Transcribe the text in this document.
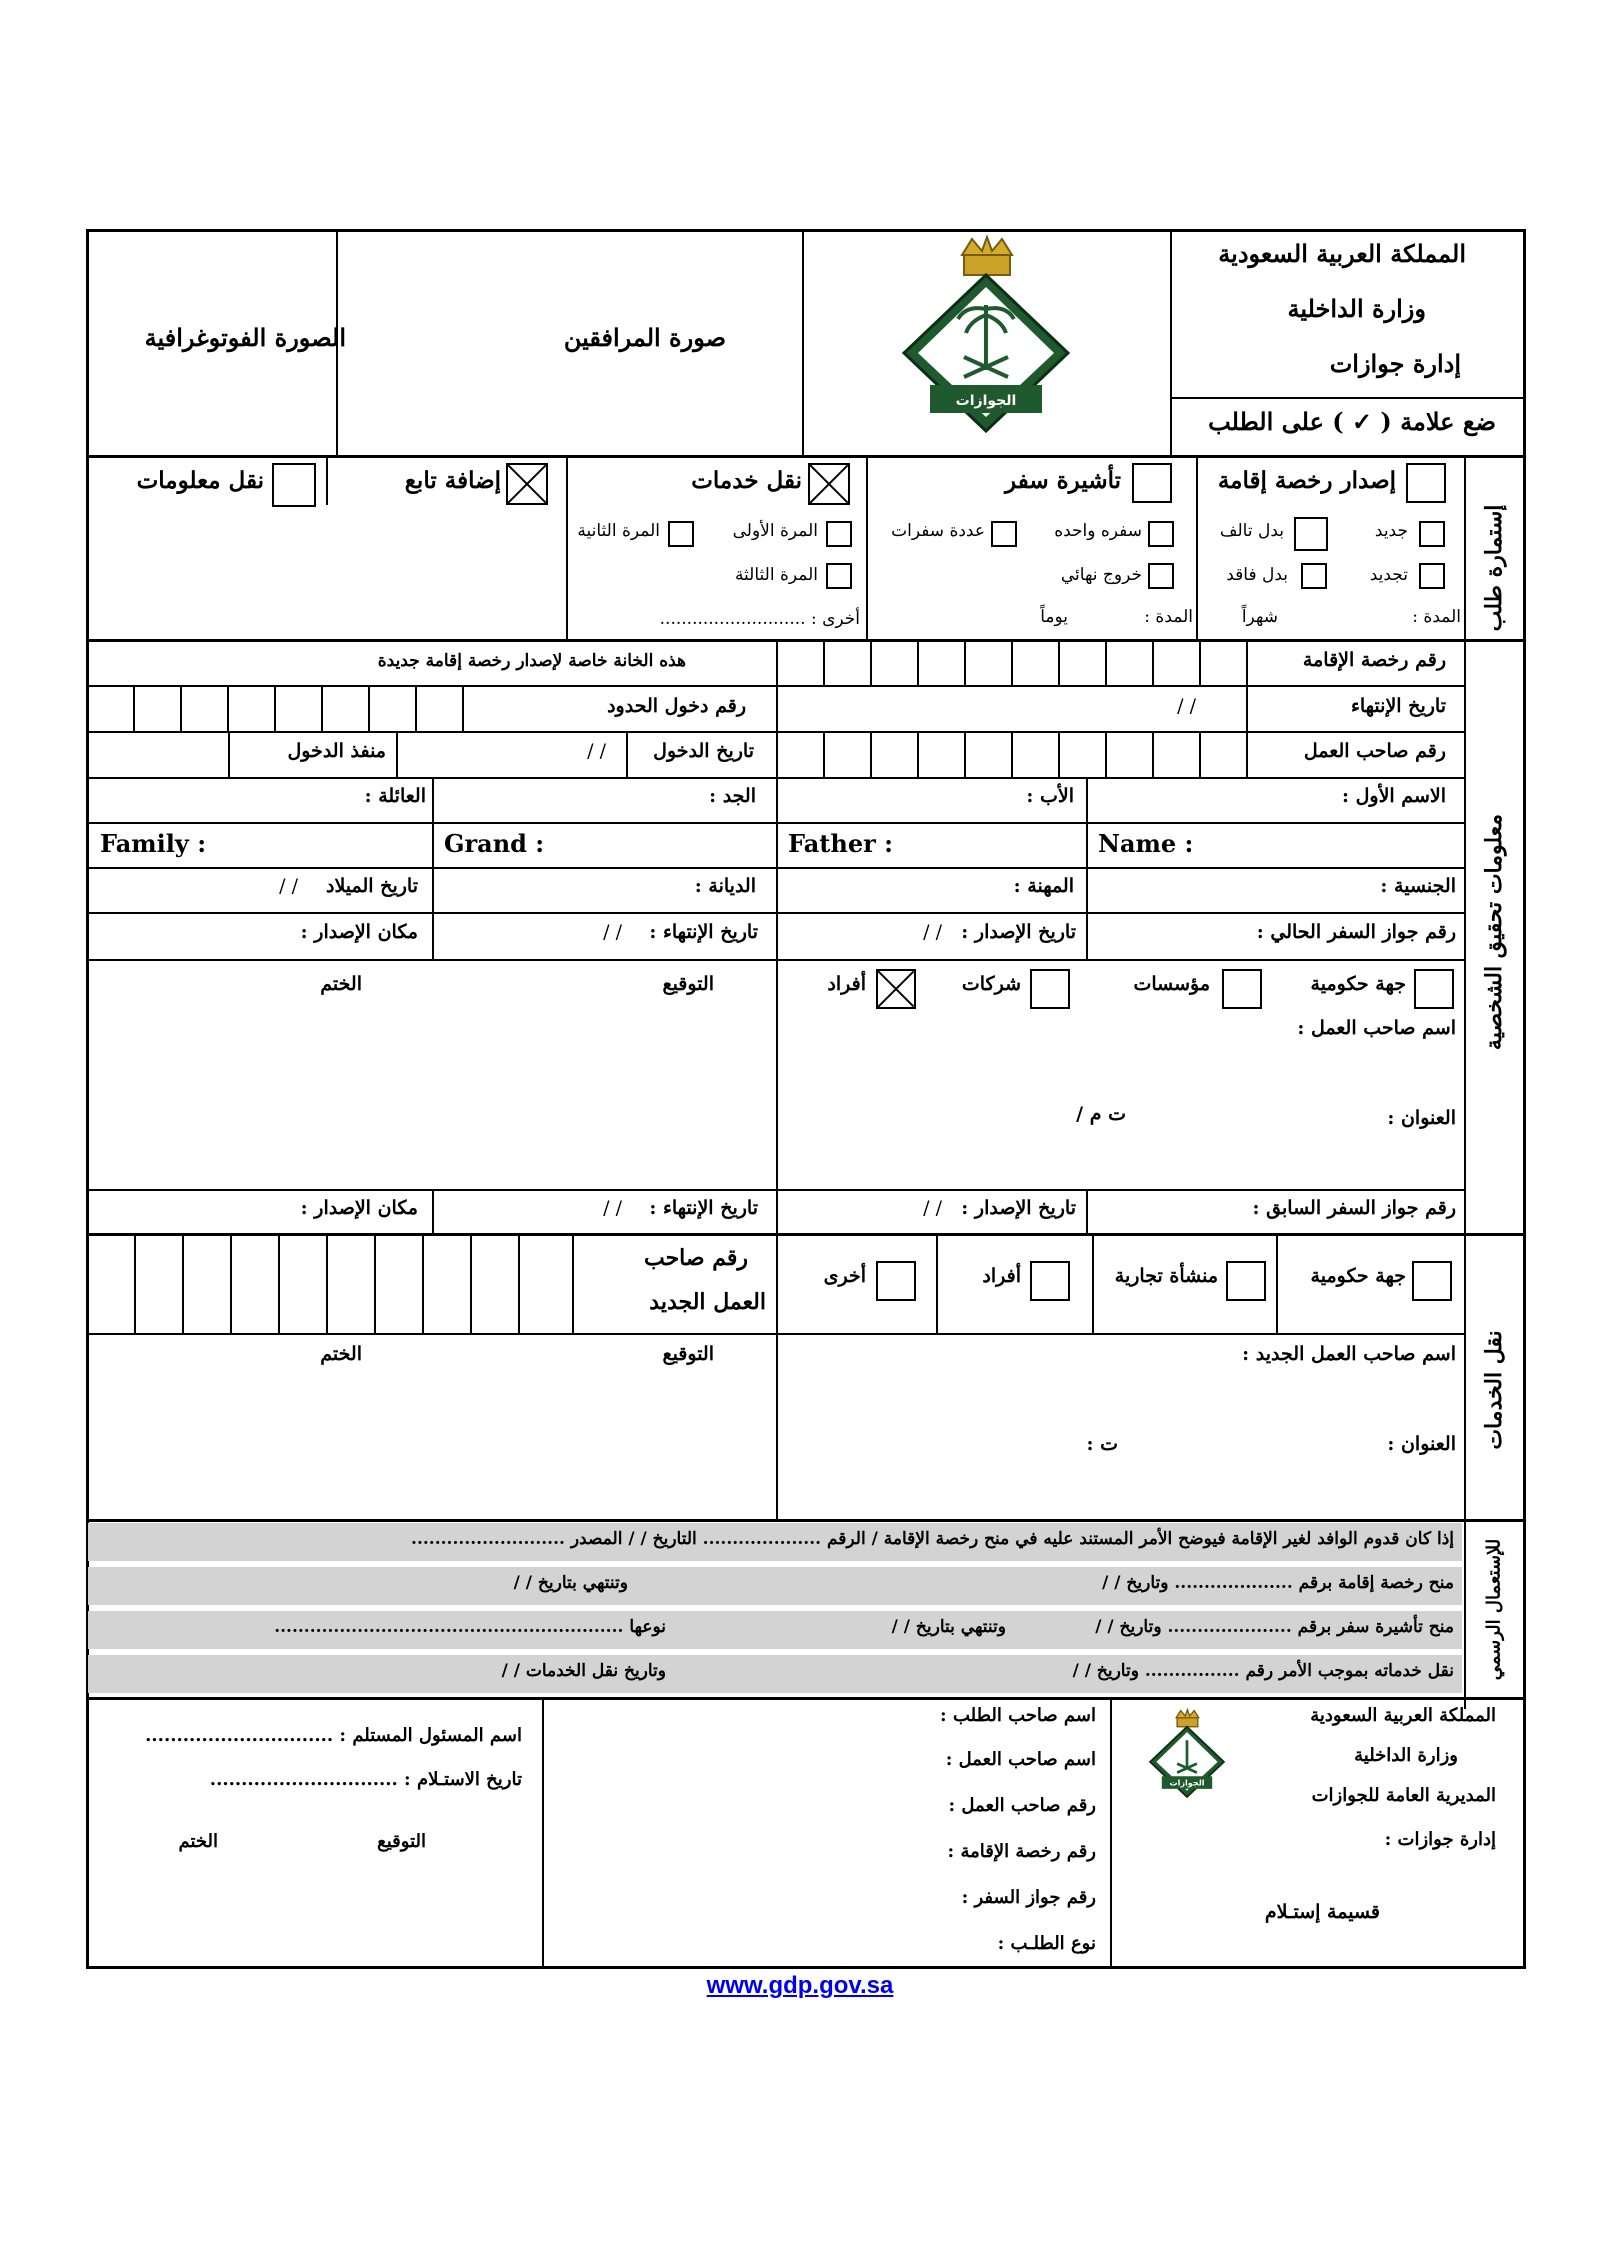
المملكة العربية السعودية
وزارة الداخلية
إدارة جوازات
ضع علامة ( ✓ ) على الطلب
الجوازات
صورة المرافقين
الصورة الفوتوغرافية
إستمارة طلب
إصدار رخصة إقامة
جديد
بدل تالف
تجديد
بدل فاقد
المدة :
شهراً
تأشيرة سفر
سفره واحده
عددة سفرات
خروج نهائي
المدة :
يوماً
نقل خدمات
المرة الأولى
المرة الثانية
المرة الثالثة
أخرى : ...........................
إضافة تابع
نقل معلومات
معلومات تحقيق الشخصية
رقم رخصة الإقامة
هذه الخانة خاصة لإصدار رخصة إقامة جديدة
تاريخ الإنتهاء
/ /
رقم دخول الحدود
رقم صاحب العمل
تاريخ الدخول
/ /
منفذ الدخول
الاسم الأول :
الأب :
الجد :
العائلة :
Name :
Father :
Grand :
Family :
الجنسية :
المهنة :
الديانة :
تاريخ الميلاد
/ /
رقم جواز السفر الحالي :
تاريخ الإصدار :
/ /
تاريخ الإنتهاء :
/ /
مكان الإصدار :
جهة حكومية
مؤسسات
شركات
أفراد
اسم صاحب العمل :
العنوان :
ت م /
التوقيع
الختم
رقم جواز السفر السابق :
تاريخ الإصدار :
/ /
تاريخ الإنتهاء :
/ /
مكان الإصدار :
نقل الخدمات
جهة حكومية
منشأة تجارية
أفراد
أخرى
رقم صاحب
العمل الجديد
اسم صاحب العمل الجديد :
العنوان :
ت :
التوقيع
الختم
للإستعمال الرسمي
إذا كان قدوم الوافد لغير الإقامة فيوضح الأمر المستند عليه في منح رخصة الإقامة / الرقم .................... التاريخ / / المصدر ..........................
منح رخصة إقامة برقم .................... وتاريخ / /
وتنتهي بتاريخ / /
منح تأشيرة سفر برقم ..................... وتاريخ / /
وتنتهي بتاريخ / /
نوعها ...........................................................
نقل خدماته بموجب الأمر رقم ................ وتاريخ / /
وتاريخ نقل الخدمات / /
المملكة العربية السعودية
وزارة الداخلية
المديرية العامة للجوازات
إدارة جوازات :
قسيمة إستـلام
الجوازات
اسم صاحب الطلب :
اسم صاحب العمل :
رقم صاحب العمل :
رقم رخصة الإقامة :
رقم جواز السفر :
نوع الطلـب :
اسم المسئول المستلم : ..............................
تاريخ الاستـلام : ..............................
التوقيع
الختم
www.gdp.gov.sa
